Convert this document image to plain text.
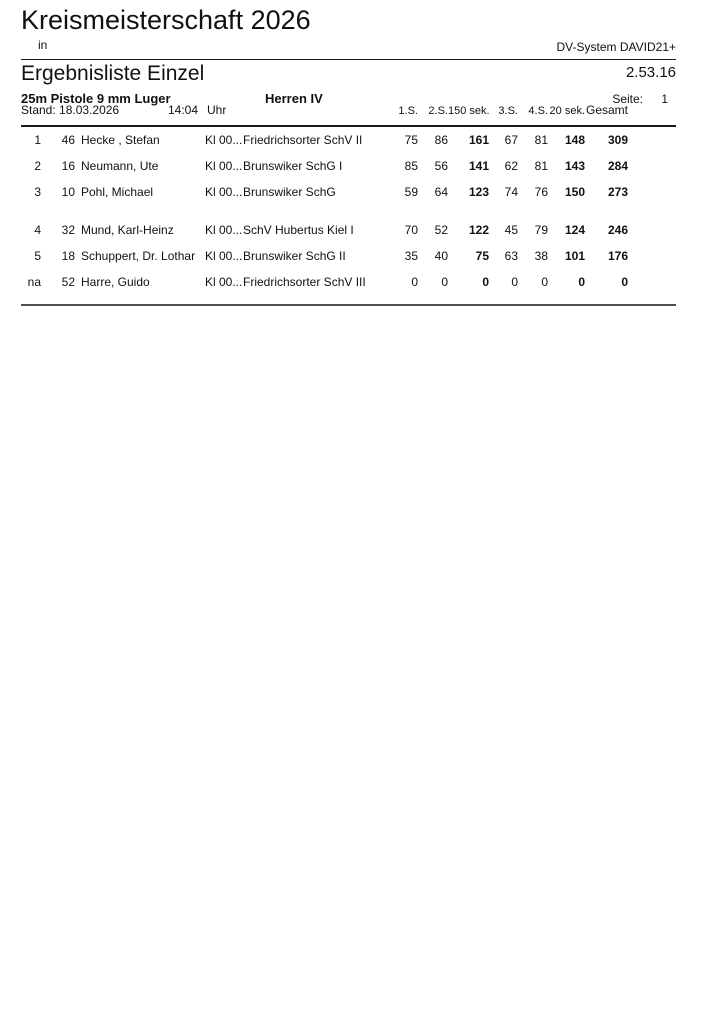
Kreismeisterschaft 2026
in	DV-System DAVID21+
Ergebnisliste Einzel	2.53.16
25m Pistole 9 mm Luger	Herren IV	Seite: 1
Stand: 18.03.2026	14:04 Uhr	1.S. 2.S. 150 sek. 3.S. 4.S. 20 sek. Gesamt
1	46 Hecke , Stefan	Kl 00... Friedrichsorter SchV II	75	86	161	67	81	148	309
2	16 Neumann, Ute	Kl 00... Brunswiker SchG I	85	56	141	62	81	143	284
3	10 Pohl, Michael	Kl 00... Brunswiker SchG	59	64	123	74	76	150	273
4	32 Mund, Karl-Heinz	Kl 00... SchV Hubertus Kiel I	70	52	122	45	79	124	246
5	18 Schuppert, Dr. Lothar Kl 00... Brunswiker SchG II	35	40	75	63	38	101	176
na	52 Harre, Guido	Kl 00... Friedrichsorter SchV III	0	0	0	0	0	0	0
